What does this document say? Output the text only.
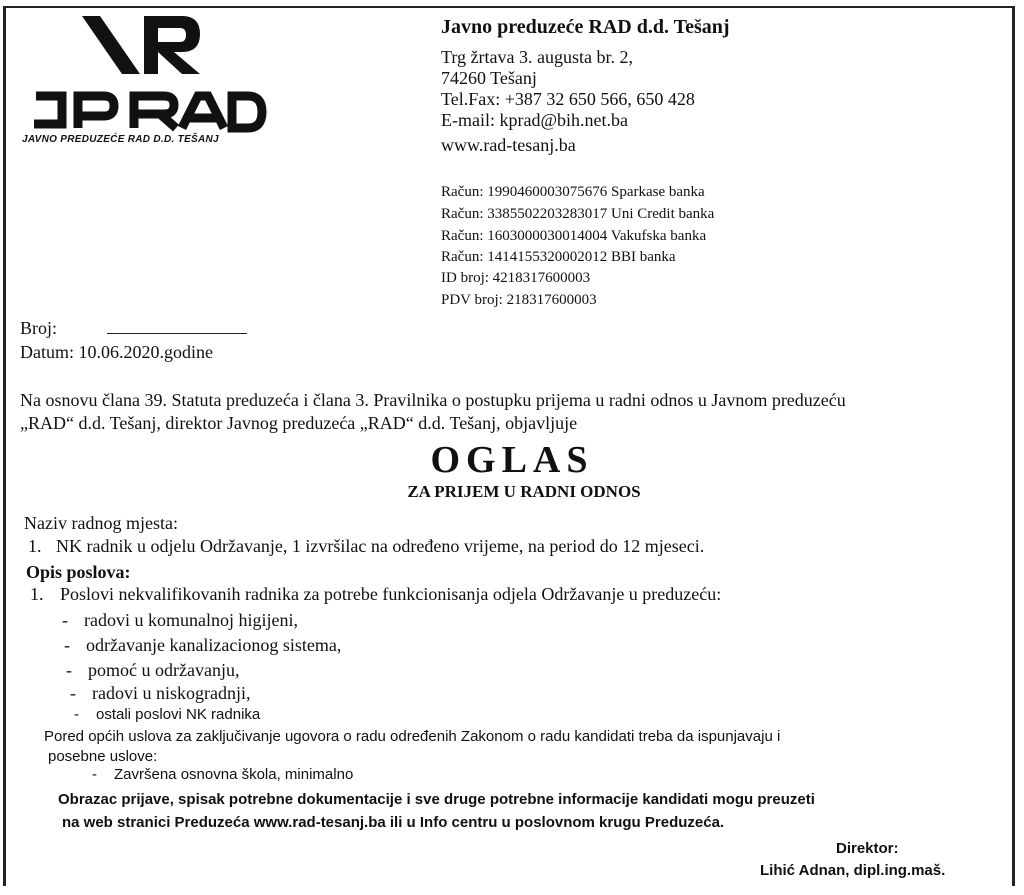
JAVNO PREDUZEĆE RAD D.D. TEŠANJ
Javno preduzeće RAD d.d. Tešanj
Trg žrtava 3. augusta br. 2,
74260 Tešanj
Tel.Fax: +387 32 650 566, 650 428
E-mail: kprad@bih.net.ba
www.rad-tesanj.ba
Račun: 1990460003075676 Sparkase banka
Račun: 3385502203283017 Uni Credit banka
Račun: 1603000030014004 Vakufska banka
Račun: 1414155320002012 BBI banka
ID broj: 4218317600003
PDV broj: 218317600003
Broj:
Datum: 10.06.2020.godine
Na osnovu člana 39. Statuta preduzeća i člana 3. Pravilnika o postupku prijema u radni odnos u Javnom preduzeću
„RAD“ d.d. Tešanj, direktor Javnog preduzeća „RAD“ d.d. Tešanj, objavljuje
OGLAS
ZA PRIJEM U RADNI ODNOS
Naziv radnog mjesta:
1. NK radnik u odjelu Održavanje, 1 izvršilac na određeno vrijeme, na period do 12 mjeseci.
Opis poslova:
1. Poslovi nekvalifikovanih radnika za potrebe funkcionisanja odjela Održavanje u preduzeću:
- radovi u komunalnoj higijeni,
- održavanje kanalizacionog sistema,
- pomoć u održavanju,
- radovi u niskogradnji,
- ostali poslovi NK radnika
Pored općih uslova za zaključivanje ugovora o radu određenih Zakonom o radu kandidati treba da ispunjavaju i
posebne uslove:
- Završena osnovna škola, minimalno
Obrazac prijave, spisak potrebne dokumentacije i sve druge potrebne informacije kandidati mogu preuzeti
na web stranici Preduzeća www.rad-tesanj.ba ili u Info centru u poslovnom krugu Preduzeća.
Direktor:
Lihić Adnan, dipl.ing.maš.
